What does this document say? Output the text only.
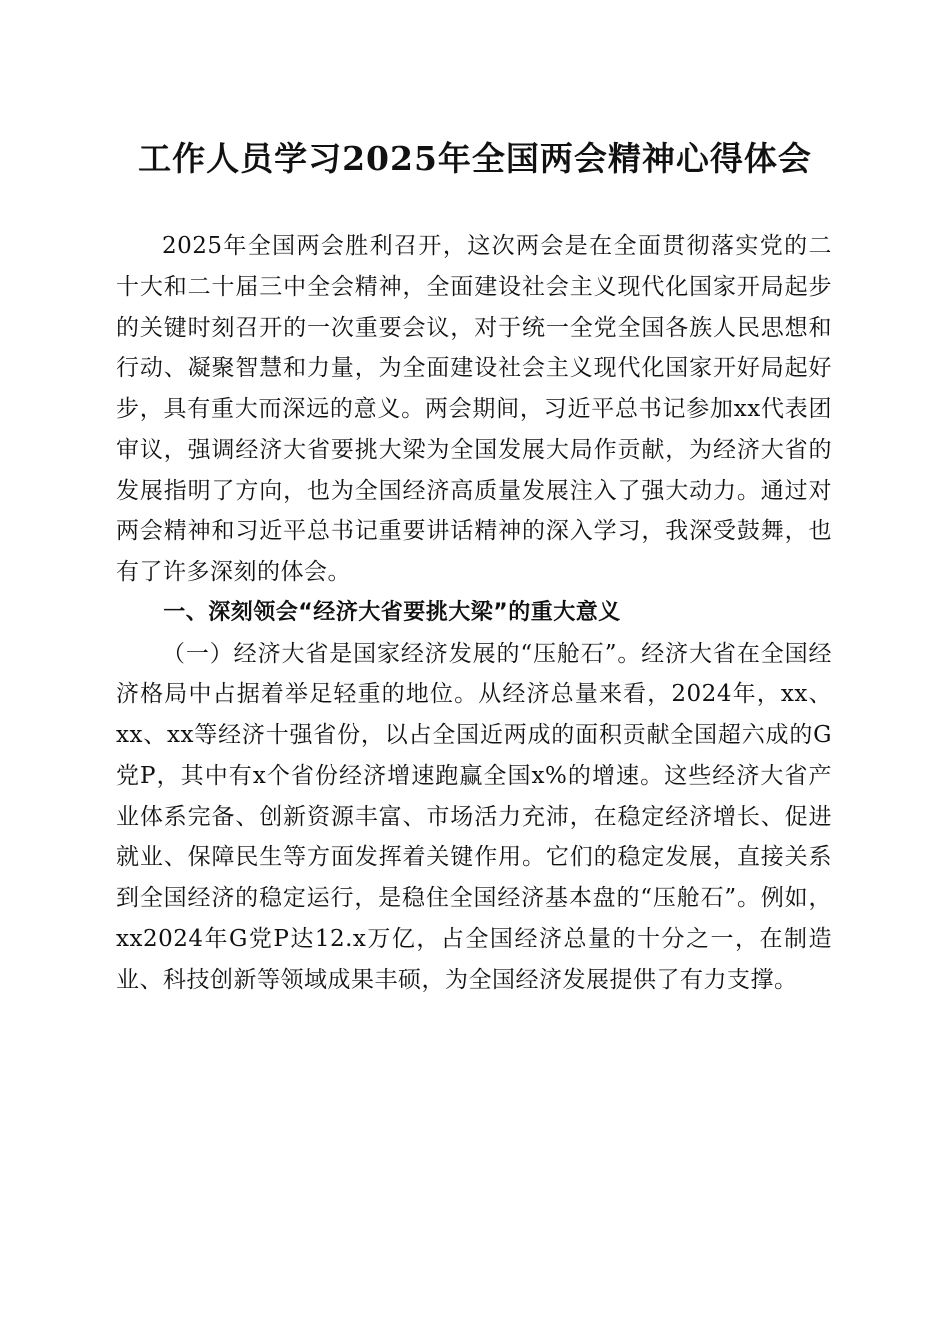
工作人员学习2025年全国两会精神心得体会

2025年全国两会胜利召开，这次两会是在全面贯彻落实党的二十大和二十届三中全会精神，全面建设社会主义现代化国家开局起步的关键时刻召开的一次重要会议，对于统一全党全国各族人民思想和行动、凝聚智慧和力量，为全面建设社会主义现代化国家开好局起好步，具有重大而深远的意义。两会期间，习近平总书记参加xx代表团审议，强调经济大省要挑大梁为全国发展大局作贡献，为经济大省的发展指明了方向，也为全国经济高质量发展注入了强大动力。通过对两会精神和习近平总书记重要讲话精神的深入学习，我深受鼓舞，也有了许多深刻的体会。

一、深刻领会“经济大省要挑大梁”的重大意义

（一）经济大省是国家经济发展的“压舱石”。经济大省在全国经济格局中占据着举足轻重的地位。从经济总量来看，2024年，xx、xx、xx等经济十强省份，以占全国近两成的面积贡献全国超六成的G党P，其中有x个省份经济增速跑赢全国x%的增速。这些经济大省产业体系完备、创新资源丰富、市场活力充沛，在稳定经济增长、促进就业、保障民生等方面发挥着关键作用。它们的稳定发展，直接关系到全国经济的稳定运行，是稳住全国经济基本盘的“压舱石”。例如，xx2024年G党P达12.x万亿，占全国经济总量的十分之一，在制造业、科技创新等领域成果丰硕，为全国经济发展提供了有力支撑。
